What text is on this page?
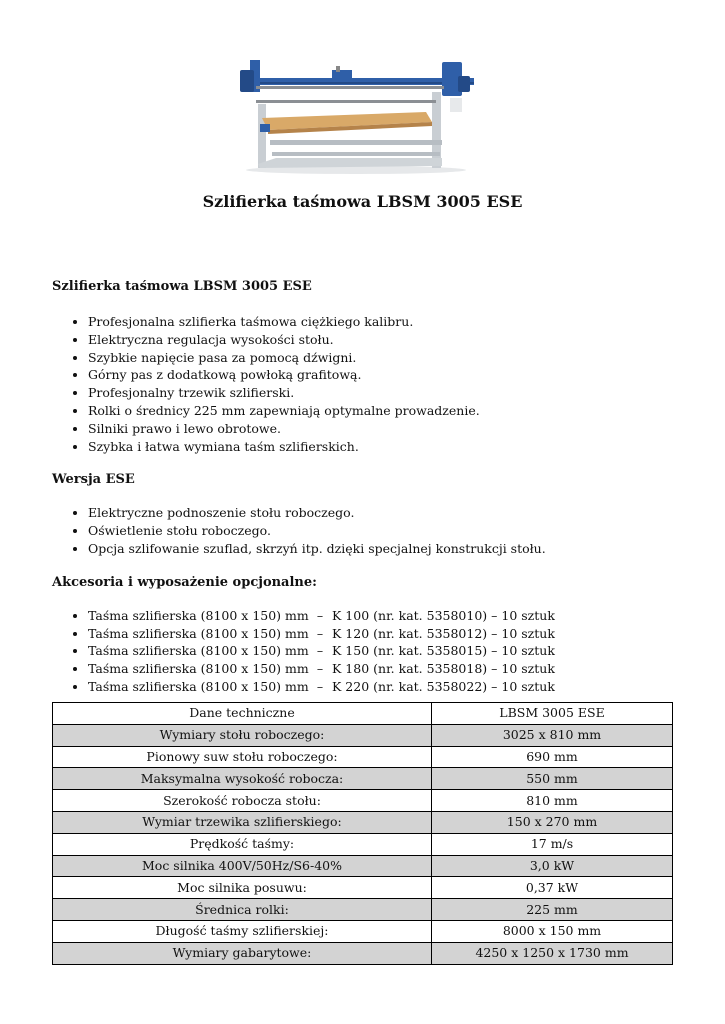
Szlifierka taśmowa LBSM 3005 ESE

Szlifierka taśmowa LBSM 3005 ESE

• Profesjonalna szlifierka taśmowa ciężkiego kalibru.
• Elektryczna regulacja wysokości stołu.
• Szybkie napięcie pasa za pomocą dźwigni.
• Górny pas z dodatkową powłoką grafitową.
• Profesjonalny trzewik szlifierski.
• Rolki o średnicy 225 mm zapewniają optymalne prowadzenie.
• Silniki prawo i lewo obrotowe.
• Szybka i łatwa wymiana taśm szlifierskich.

Wersja ESE

• Elektryczne podnoszenie stołu roboczego.
• Oświetlenie stołu roboczego.
• Opcja szlifowanie szuflad, skrzyń itp. dzięki specjalnej konstrukcji stołu.

Akcesoria i wyposażenie opcjonalne:

• Taśma szlifierska (8100 x 150) mm – K 100 (nr. kat. 5358010) – 10 sztuk
• Taśma szlifierska (8100 x 150) mm – K 120 (nr. kat. 5358012) – 10 sztuk
• Taśma szlifierska (8100 x 150) mm – K 150 (nr. kat. 5358015) – 10 sztuk
• Taśma szlifierska (8100 x 150) mm – K 180 (nr. kat. 5358018) – 10 sztuk
• Taśma szlifierska (8100 x 150) mm – K 220 (nr. kat. 5358022) – 10 sztuk
Dane techniczne	LBSM 3005 ESE
Wymiary stołu roboczego:	3025 x 810 mm
Pionowy suw stołu roboczego:	690 mm
Maksymalna wysokość robocza:	550 mm
Szerokość robocza stołu:	810 mm
Wymiar trzewika szlifierskiego:	150 x 270 mm
Prędkość taśmy:	17 m/s
Moc silnika 400V/50Hz/S6-40%	3,0 kW
Moc silnika posuwu:	0,37 kW
Średnica rolki:	225 mm
Długość taśmy szlifierskiej:	8000 x 150 mm
Wymiary gabarytowe:	4250 x 1250 x 1730 mm
